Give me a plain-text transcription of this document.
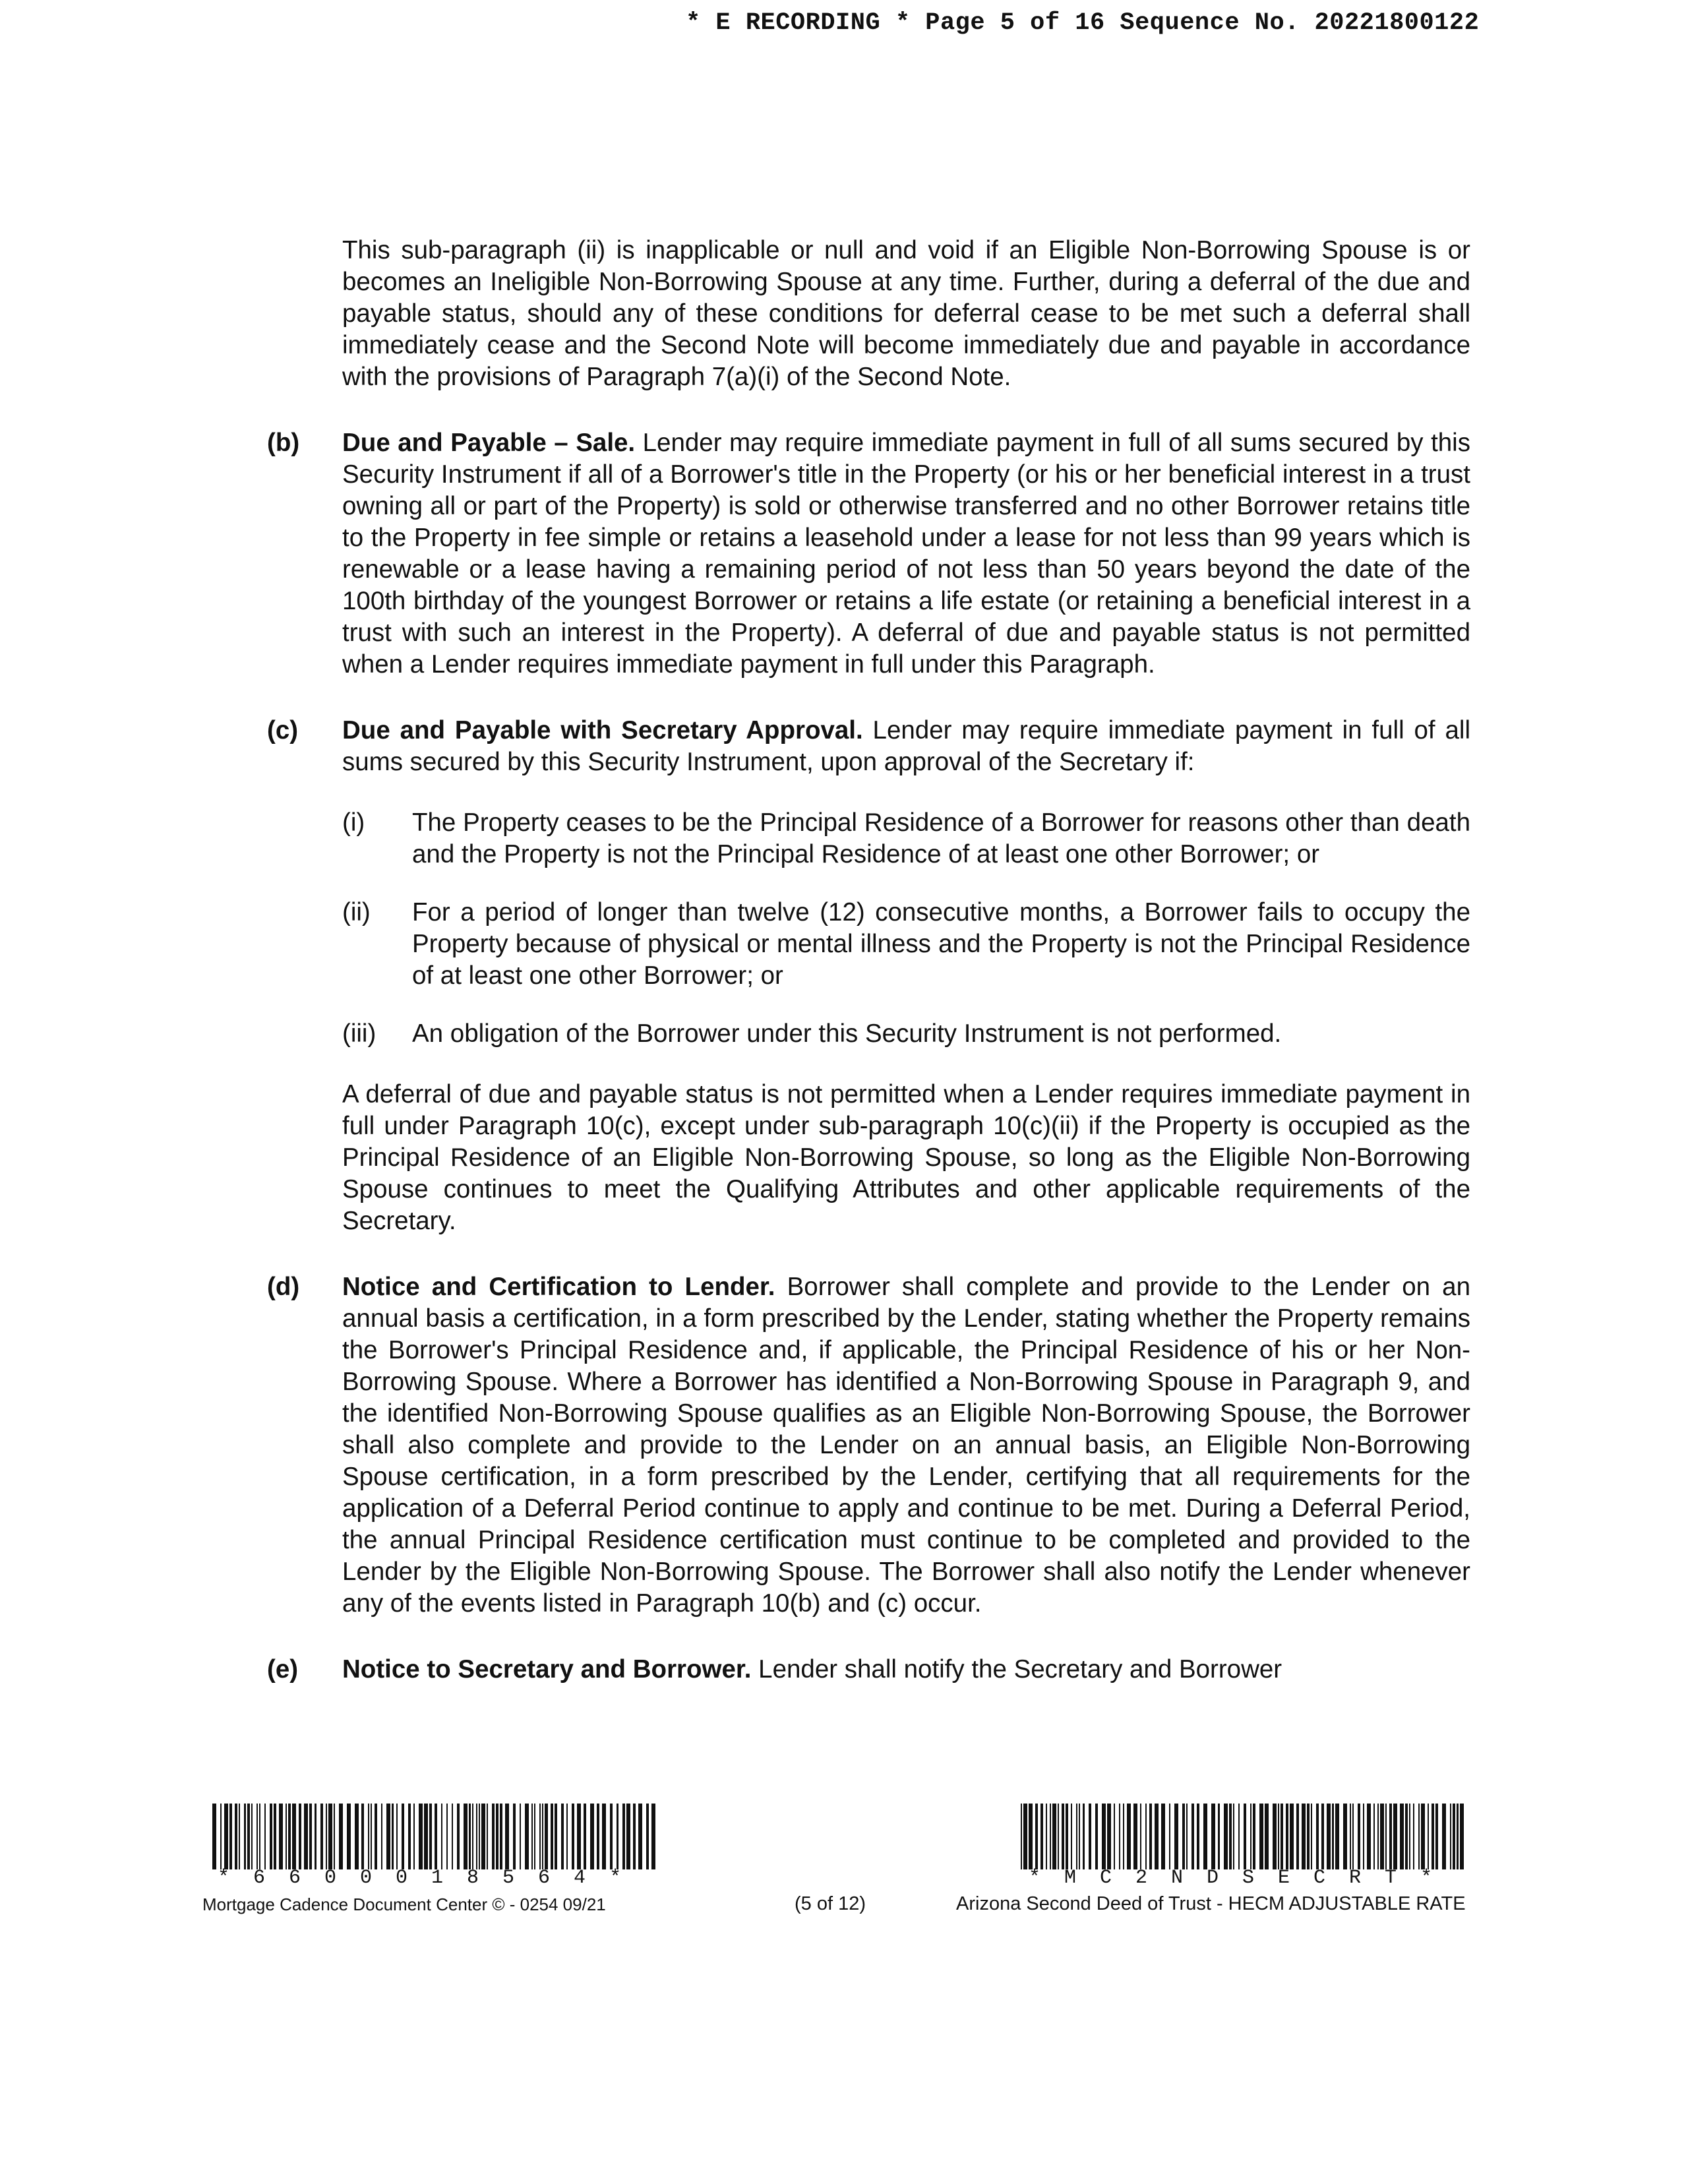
* E RECORDING * Page 5 of 16 Sequence No. 20221800122
This sub-paragraph (ii) is inapplicable or null and void if an Eligible Non-Borrowing Spouse is or becomes an Ineligible Non-Borrowing Spouse at any time. Further, during a deferral of the due and payable status, should any of these conditions for deferral cease to be met such a deferral shall immediately cease and the Second Note will become immediately due and payable in accordance with the provisions of Paragraph 7(a)(i) of the Second Note.
(b) Due and Payable – Sale. Lender may require immediate payment in full of all sums secured by this Security Instrument if all of a Borrower's title in the Property (or his or her beneficial interest in a trust owning all or part of the Property) is sold or otherwise transferred and no other Borrower retains title to the Property in fee simple or retains a leasehold under a lease for not less than 99 years which is renewable or a lease having a remaining period of not less than 50 years beyond the date of the 100th birthday of the youngest Borrower or retains a life estate (or retaining a beneficial interest in a trust with such an interest in the Property). A deferral of due and payable status is not permitted when a Lender requires immediate payment in full under this Paragraph.
(c) Due and Payable with Secretary Approval. Lender may require immediate payment in full of all sums secured by this Security Instrument, upon approval of the Secretary if:
(i) The Property ceases to be the Principal Residence of a Borrower for reasons other than death and the Property is not the Principal Residence of at least one other Borrower; or
(ii) For a period of longer than twelve (12) consecutive months, a Borrower fails to occupy the Property because of physical or mental illness and the Property is not the Principal Residence of at least one other Borrower; or
(iii) An obligation of the Borrower under this Security Instrument is not performed.
A deferral of due and payable status is not permitted when a Lender requires immediate payment in full under Paragraph 10(c), except under sub-paragraph 10(c)(ii) if the Property is occupied as the Principal Residence of an Eligible Non-Borrowing Spouse, so long as the Eligible Non-Borrowing Spouse continues to meet the Qualifying Attributes and other applicable requirements of the Secretary.
(d) Notice and Certification to Lender. Borrower shall complete and provide to the Lender on an annual basis a certification, in a form prescribed by the Lender, stating whether the Property remains the Borrower's Principal Residence and, if applicable, the Principal Residence of his or her Non-Borrowing Spouse. Where a Borrower has identified a Non-Borrowing Spouse in Paragraph 9, and the identified Non-Borrowing Spouse qualifies as an Eligible Non-Borrowing Spouse, the Borrower shall also complete and provide to the Lender on an annual basis, an Eligible Non-Borrowing Spouse certification, in a form prescribed by the Lender, certifying that all requirements for the application of a Deferral Period continue to apply and continue to be met. During a Deferral Period, the annual Principal Residence certification must continue to be completed and provided to the Lender by the Eligible Non-Borrowing Spouse. The Borrower shall also notify the Lender whenever any of the events listed in Paragraph 10(b) and (c) occur.
(e) Notice to Secretary and Borrower. Lender shall notify the Secretary and Borrower
* 6 6 0 0 0 1 8 5 6 4 *
Mortgage Cadence Document Center © - 0254 09/21	(5 of 12)
* M C 2 N D S E C R T *
Arizona Second Deed of Trust - HECM ADJUSTABLE RATE
